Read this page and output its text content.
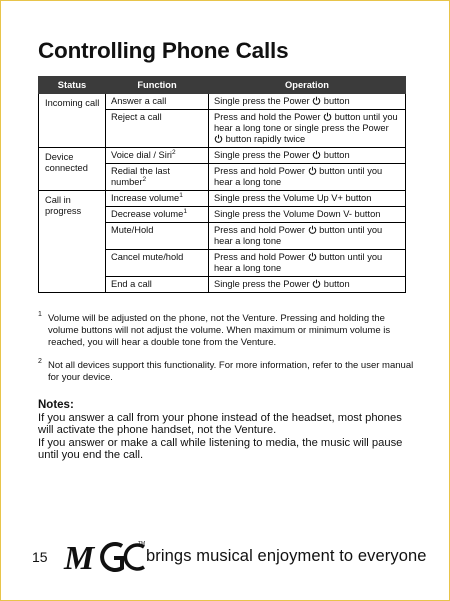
Controlling Phone Calls
Status	Function	Operation
Incoming call	Answer a call	Single press the Power  button
	Reject a call	Press and hold the Power  button until you hear a long tone or single press the Power  button rapidly twice
Device connected	Voice dial / Siri$^2$	Single press the Power  button
	Redial the last number$^2$	Press and hold Power  button until you hear a long tone
Call in progress	Increase volume$^1$	Single press the Volume Up V+ button
	Decrease volume$^1$	Single press the Volume Down V- button
	Mute/Hold	Press and hold Power  button until you hear a long tone
	Cancel mute/hold	Press and hold Power  button until you hear a long tone
	End a call	Single press the Power  button
1 Volume will be adjusted on the phone, not the Venture. Pressing and holding the volume buttons will not adjust the volume. When maximum or minimum volume is reached, you will hear a double tone from the Venture.
2 Not all devices support this functionality. For more information, refer to the user manual for your device.
Notes:
If you answer a call from your phone instead of the headset, most phones will activate the phone handset, not the Venture.
If you answer or make a call while listening to media, the music will pause until you end the call.
15 M	TM
brings musical enjoyment to everyone
